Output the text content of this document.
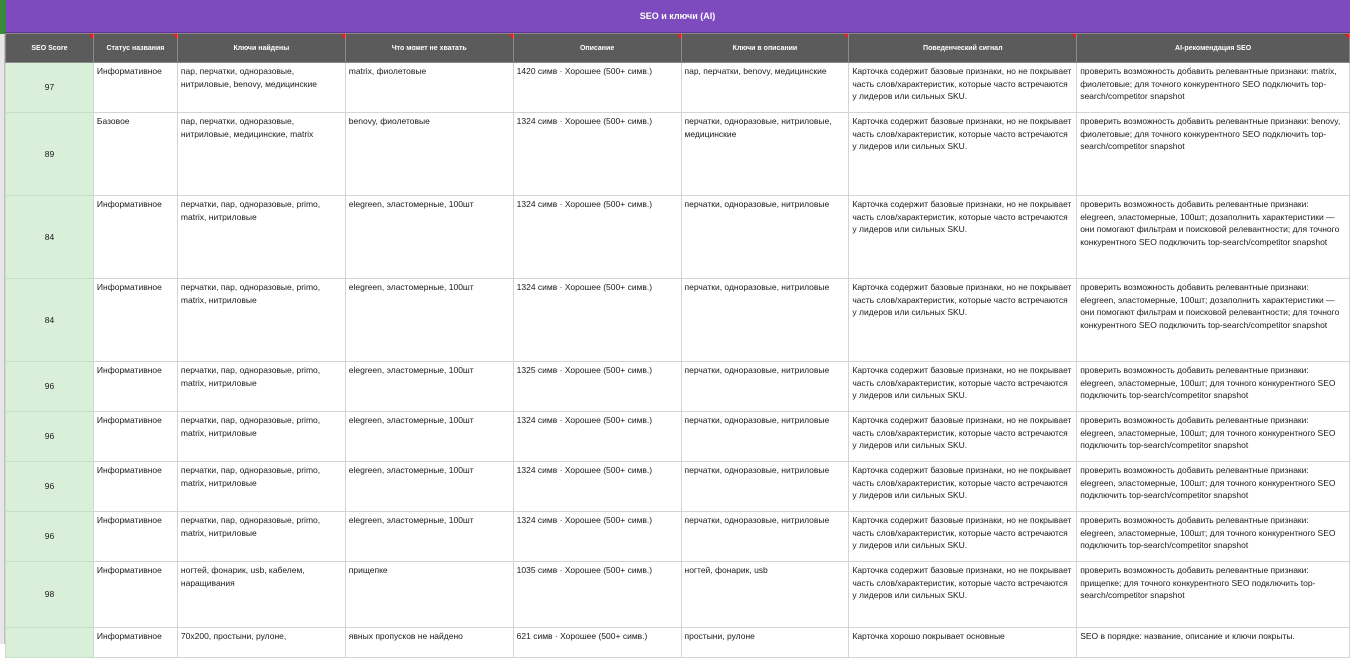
SEO и ключи (AI)
SEO Score	Статус названия	Ключи найдены	Что может не хватать	Описание	Ключи в описании	Поведенческий сигнал	AI-рекомендация SEO

97	Информативное	пар, перчатки, одноразовые, нитриловые, benovy, медицинские	matrix, фиолетовые	1420 симв · Хорошее (500+ симв.)	пар, перчатки, benovy, медицинские	Карточка содержит базовые признаки, но не покрывает часть слов/характеристик, которые часто встречаются у лидеров или сильных SKU.	проверить возможность добавить релевантные признаки: matrix, фиолетовые; для точного конкурентного SEO подключить top-search/competitor snapshot
89	Базовое	пар, перчатки, одноразовые, нитриловые, медицинские, matrix	benovy, фиолетовые	1324 симв · Хорошее (500+ симв.)	перчатки, одноразовые, нитриловые, медицинские	Карточка содержит базовые признаки, но не покрывает часть слов/характеристик, которые часто встречаются у лидеров или сильных SKU.	проверить возможность добавить релевантные признаки: benovy, фиолетовые; для точного конкурентного SEO подключить top-search/competitor snapshot
84	Информативное	перчатки, пар, одноразовые, primo, matrix, нитриловые	elegreen, эластомерные, 100шт	1324 симв · Хорошее (500+ симв.)	перчатки, одноразовые, нитриловые	Карточка содержит базовые признаки, но не покрывает часть слов/характеристик, которые часто встречаются у лидеров или сильных SKU.	проверить возможность добавить релевантные признаки: elegreen, эластомерные, 100шт; дозаполнить характеристики — они помогают фильтрам и поисковой релевантности; для точного конкурентного SEO подключить top-search/competitor snapshot
84	Информативное	перчатки, пар, одноразовые, primo, matrix, нитриловые	elegreen, эластомерные, 100шт	1324 симв · Хорошее (500+ симв.)	перчатки, одноразовые, нитриловые	Карточка содержит базовые признаки, но не покрывает часть слов/характеристик, которые часто встречаются у лидеров или сильных SKU.	проверить возможность добавить релевантные признаки: elegreen, эластомерные, 100шт; дозаполнить характеристики — они помогают фильтрам и поисковой релевантности; для точного конкурентного SEO подключить top-search/competitor snapshot
96	Информативное	перчатки, пар, одноразовые, primo, matrix, нитриловые	elegreen, эластомерные, 100шт	1325 симв · Хорошее (500+ симв.)	перчатки, одноразовые, нитриловые	Карточка содержит базовые признаки, но не покрывает часть слов/характеристик, которые часто встречаются у лидеров или сильных SKU.	проверить возможность добавить релевантные признаки: elegreen, эластомерные, 100шт; для точного конкурентного SEO подключить top-search/competitor snapshot
96	Информативное	перчатки, пар, одноразовые, primo, matrix, нитриловые	elegreen, эластомерные, 100шт	1324 симв · Хорошее (500+ симв.)	перчатки, одноразовые, нитриловые	Карточка содержит базовые признаки, но не покрывает часть слов/характеристик, которые часто встречаются у лидеров или сильных SKU.	проверить возможность добавить релевантные признаки: elegreen, эластомерные, 100шт; для точного конкурентного SEO подключить top-search/competitor snapshot
96	Информативное	перчатки, пар, одноразовые, primo, matrix, нитриловые	elegreen, эластомерные, 100шт	1324 симв · Хорошее (500+ симв.)	перчатки, одноразовые, нитриловые	Карточка содержит базовые признаки, но не покрывает часть слов/характеристик, которые часто встречаются у лидеров или сильных SKU.	проверить возможность добавить релевантные признаки: elegreen, эластомерные, 100шт; для точного конкурентного SEO подключить top-search/competitor snapshot
96	Информативное	перчатки, пар, одноразовые, primo, matrix, нитриловые	elegreen, эластомерные, 100шт	1324 симв · Хорошее (500+ симв.)	перчатки, одноразовые, нитриловые	Карточка содержит базовые признаки, но не покрывает часть слов/характеристик, которые часто встречаются у лидеров или сильных SKU.	проверить возможность добавить релевантные признаки: elegreen, эластомерные, 100шт; для точного конкурентного SEO подключить top-search/competitor snapshot
98	Информативное	ногтей, фонарик, usb, кабелем, наращивания	прищепке	1035 симв · Хорошее (500+ симв.)	ногтей, фонарик, usb	Карточка содержит базовые признаки, но не покрывает часть слов/характеристик, которые часто встречаются у лидеров или сильных SKU.	проверить возможность добавить релевантные признаки: прищепке; для точного конкурентного SEO подключить top-search/competitor snapshot
	Информативное	70x200, простыни, рулоне,	явных пропусков не найдено	621 симв · Хорошее (500+ симв.)	простыни, рулоне	Карточка хорошо покрывает основные	SEO в порядке: название, описание и ключи покрыты.
